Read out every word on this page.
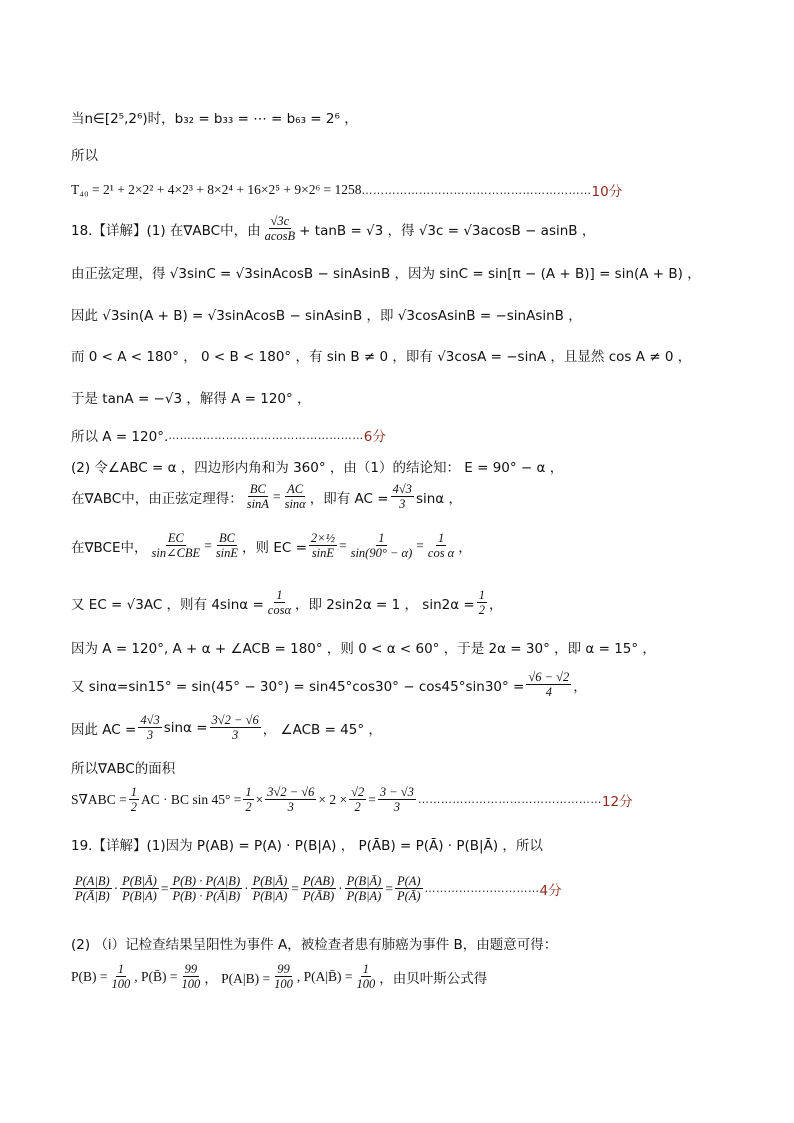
当n∈[2⁵,2⁶)时，b₃₂ = b₃₃ = ⋯ = b₆₃ = 2⁶ ，
所以
T₄₀ = 2¹ + 2×2² + 4×2³ + 8×2⁴ + 16×2⁵ + 9×2⁶ = 1258 …………………………………………………… 10分
18.【详解】(1) 在∇ABC中，由 $\frac{√3c}{acosB} + \tan B = √3$ ，得 √3c = √3acosB − asinB ，
由正弦定理，得 √3sinC = √3sinAcosB − sinAsinB ，因为 sinC = sin[π − (A + B)] = sin(A + B) ，
因此 √3sin(A + B) = √3sinAcosB − sinAsinB ，即 √3cosAsinB = −sinAsinB ，
而 0 < A < 180° ， 0 < B < 180° ，有 sin B ≠ 0 ，即有 √3cosA = −sinA ，且显然 cos A ≠ 0 ，
于是 tanA = −√3 ，解得 A = 120° ，
所以 A = 120°. …………………………………………… 6分
(2) 令∠ABC = α ，四边形内角和为 360° ，由（1）的结论知： E = 90° − α ，
在∇ABC中，由正弦定理得： $\frac{BC}{\sin A} = \frac{AC}{\sin\alpha}$ ，即有 AC = $\frac{4√3}{3}$ sinα ，
在∇BCE中， $\frac{EC}{\text{sin∠CBE}} = \frac{BC}{\sin E}$ ，则 EC = $\frac{\text{2×½}}{\sin E} = \frac{1}{\sin(90^\circ - \alpha)} = \frac{1}{\text{cos α}}$ ，
又 EC = √3AC ，则有 $4\sin\alpha = \frac{1}{\cos\alpha}$ ，即 2sin2α = 1 ， $\sin 2\alpha = \frac{1}{2}$ ，
因为 A = 120°, A + α + ∠ACB = 180° ，则 0 < α < 60° ，于是 2α = 30° ，即 α = 15° ，
又 $\sin\alpha=\sin 15^\circ = \sin(45^\circ - 30^\circ) = \sin 45^\circ\cos 30^\circ - \cos 45^\circ\sin 30^\circ = \frac{√6 - √2}{4}$ ，
因此 AC = $\frac{4√3}{3}$ $\sin\alpha = \frac{3√2 - √6}{3}$ ， ∠ACB = 45° ，
所以∇ABC的面积
$S\nabla ABC = \frac{1}{2}$ AC · BC $\sin 45^\circ = \frac{1}{2} \times \frac{3√2 - √6}{3} \times 2 \times \frac{√2}{2} = \frac{3 - √3}{3}$ ………………………………………… 12分
19.【详解】(1)因为 P(AB) = P(A) · P(B|A) ， P(ĀB) = P(Ā) · P(B|Ā) ，所以
$\frac{P(A|B)}{P(Ā|B)} \cdot \frac{P(B|Ā)}{P(B|A)} = \frac{P(B) \cdot P(A|B)}{P(B) \cdot P(Ā|B)} \cdot \frac{P(B|Ā)}{P(B|A)} = \frac{P(AB)}{P(ĀB)} \cdot \frac{P(B|Ā)}{P(B|A)} = \frac{P(A)}{P(Ā)}$ ………………………… 4分
(2) （i）记检查结果呈阳性为事件 A，被检查者患有肺癌为事件 B，由题意可得：
$P(B) = \frac{1}{100}$ , P(B̄) = $\frac{99}{100}$ ， $P(A|B) = \frac{99}{100}$ , P(A|B̄) = $\frac{1}{100}$ ，由贝叶斯公式得
